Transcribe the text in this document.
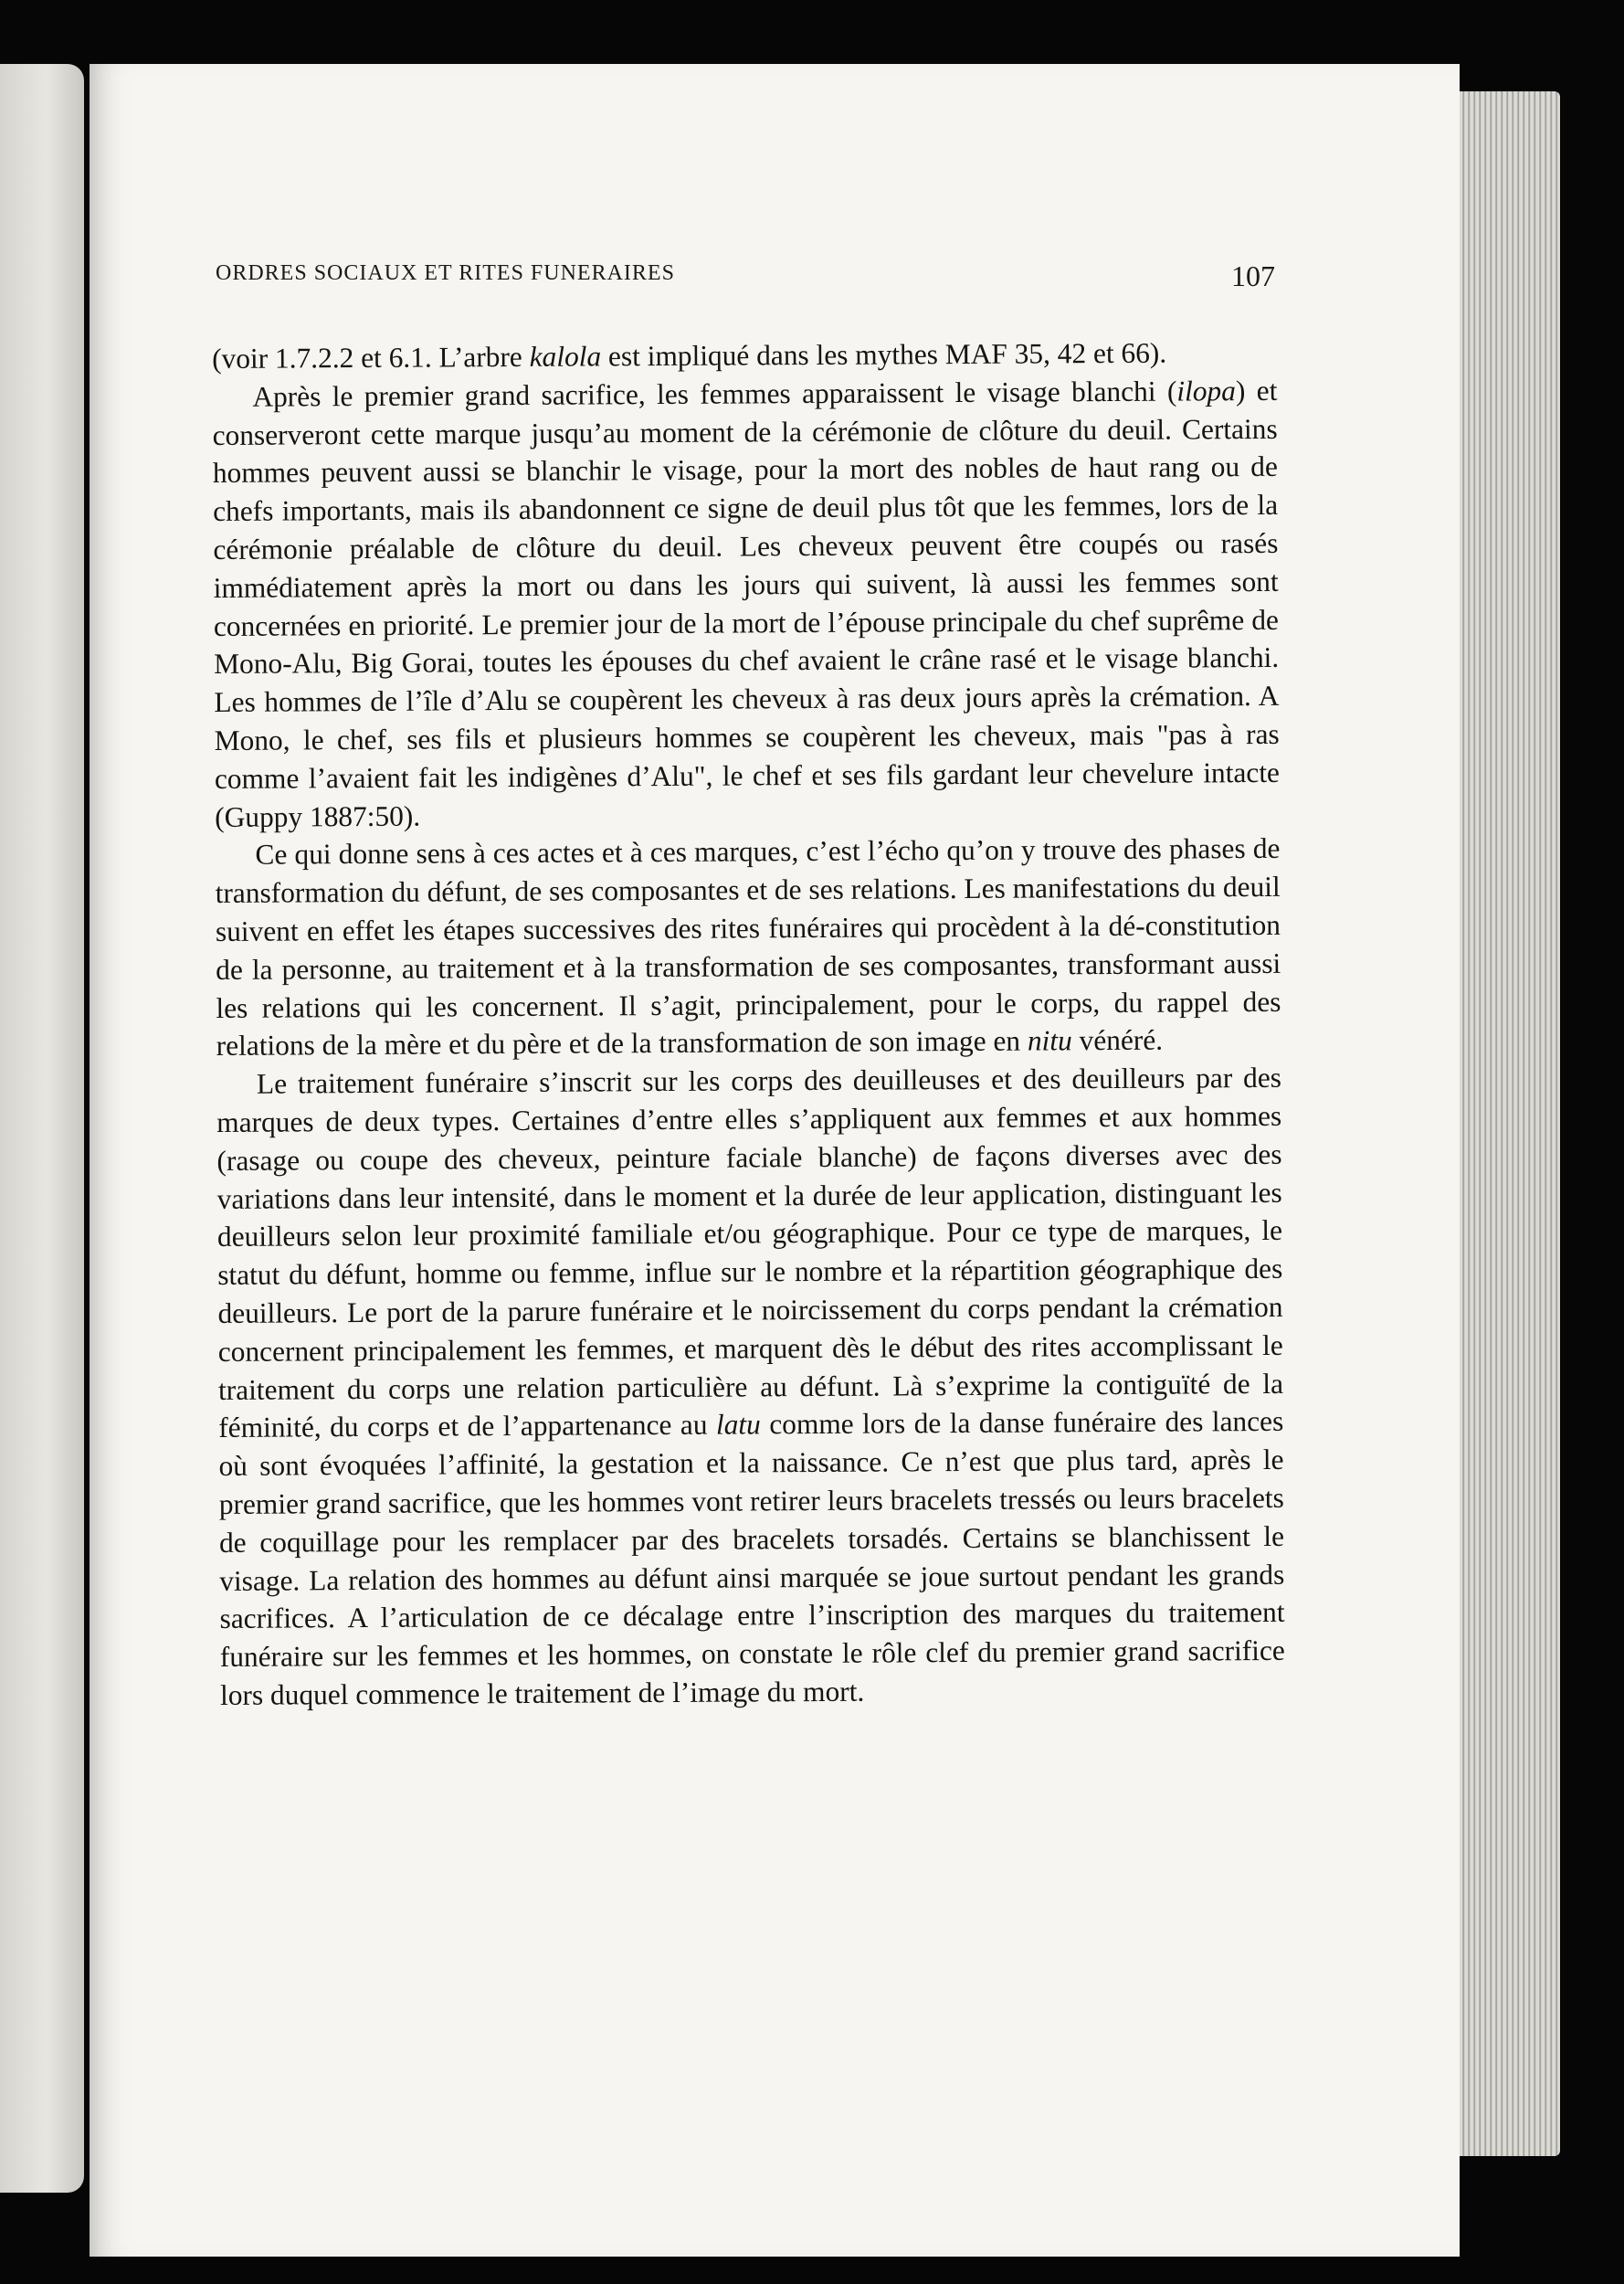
ORDRES SOCIAUX ET RITES FUNERAIRES	107

(voir 1.7.2.2 et 6.1. L’arbre kalola est impliqué dans les mythes MAF 35, 42 et 66).

Après le premier grand sacrifice, les femmes apparaissent le visage blanchi (ilopa) et conserveront cette marque jusqu’au moment de la cérémonie de clôture du deuil. Certains hommes peuvent aussi se blanchir le visage, pour la mort des nobles de haut rang ou de chefs importants, mais ils abandonnent ce signe de deuil plus tôt que les femmes, lors de la cérémonie préalable de clôture du deuil. Les cheveux peuvent être coupés ou rasés immédiatement après la mort ou dans les jours qui suivent, là aussi les femmes sont concernées en priorité. Le premier jour de la mort de l’épouse principale du chef suprême de Mono-Alu, Big Gorai, toutes les épouses du chef avaient le crâne rasé et le visage blanchi. Les hommes de l’île d’Alu se coupèrent les cheveux à ras deux jours après la crémation. A Mono, le chef, ses fils et plusieurs hommes se coupèrent les cheveux, mais "pas à ras comme l’avaient fait les indigènes d’Alu", le chef et ses fils gardant leur chevelure intacte (Guppy 1887:50).

Ce qui donne sens à ces actes et à ces marques, c’est l’écho qu’on y trouve des phases de transformation du défunt, de ses composantes et de ses relations. Les manifestations du deuil suivent en effet les étapes successives des rites funéraires qui procèdent à la dé-constitution de la personne, au traitement et à la transformation de ses composantes, transformant aussi les relations qui les concernent. Il s’agit, principalement, pour le corps, du rappel des relations de la mère et du père et de la transformation de son image en nitu vénéré.

Le traitement funéraire s’inscrit sur les corps des deuilleuses et des deuilleurs par des marques de deux types. Certaines d’entre elles s’appliquent aux femmes et aux hommes (rasage ou coupe des cheveux, peinture faciale blanche) de façons diverses avec des variations dans leur intensité, dans le moment et la durée de leur application, distinguant les deuilleurs selon leur proximité familiale et/ou géographique. Pour ce type de marques, le statut du défunt, homme ou femme, influe sur le nombre et la répartition géographique des deuilleurs. Le port de la parure funéraire et le noircissement du corps pendant la crémation concernent principalement les femmes, et marquent dès le début des rites accomplissant le traitement du corps une relation particulière au défunt. Là s’exprime la contiguïté de la féminité, du corps et de l’appartenance au latu comme lors de la danse funéraire des lances où sont évoquées l’affinité, la gestation et la naissance. Ce n’est que plus tard, après le premier grand sacrifice, que les hommes vont retirer leurs bracelets tressés ou leurs bracelets de coquillage pour les remplacer par des bracelets torsadés. Certains se blanchissent le visage. La relation des hommes au défunt ainsi marquée se joue surtout pendant les grands sacrifices. A l’articulation de ce décalage entre l’inscription des marques du traitement funéraire sur les femmes et les hommes, on constate le rôle clef du premier grand sacrifice lors duquel commence le traitement de l’image du mort.
